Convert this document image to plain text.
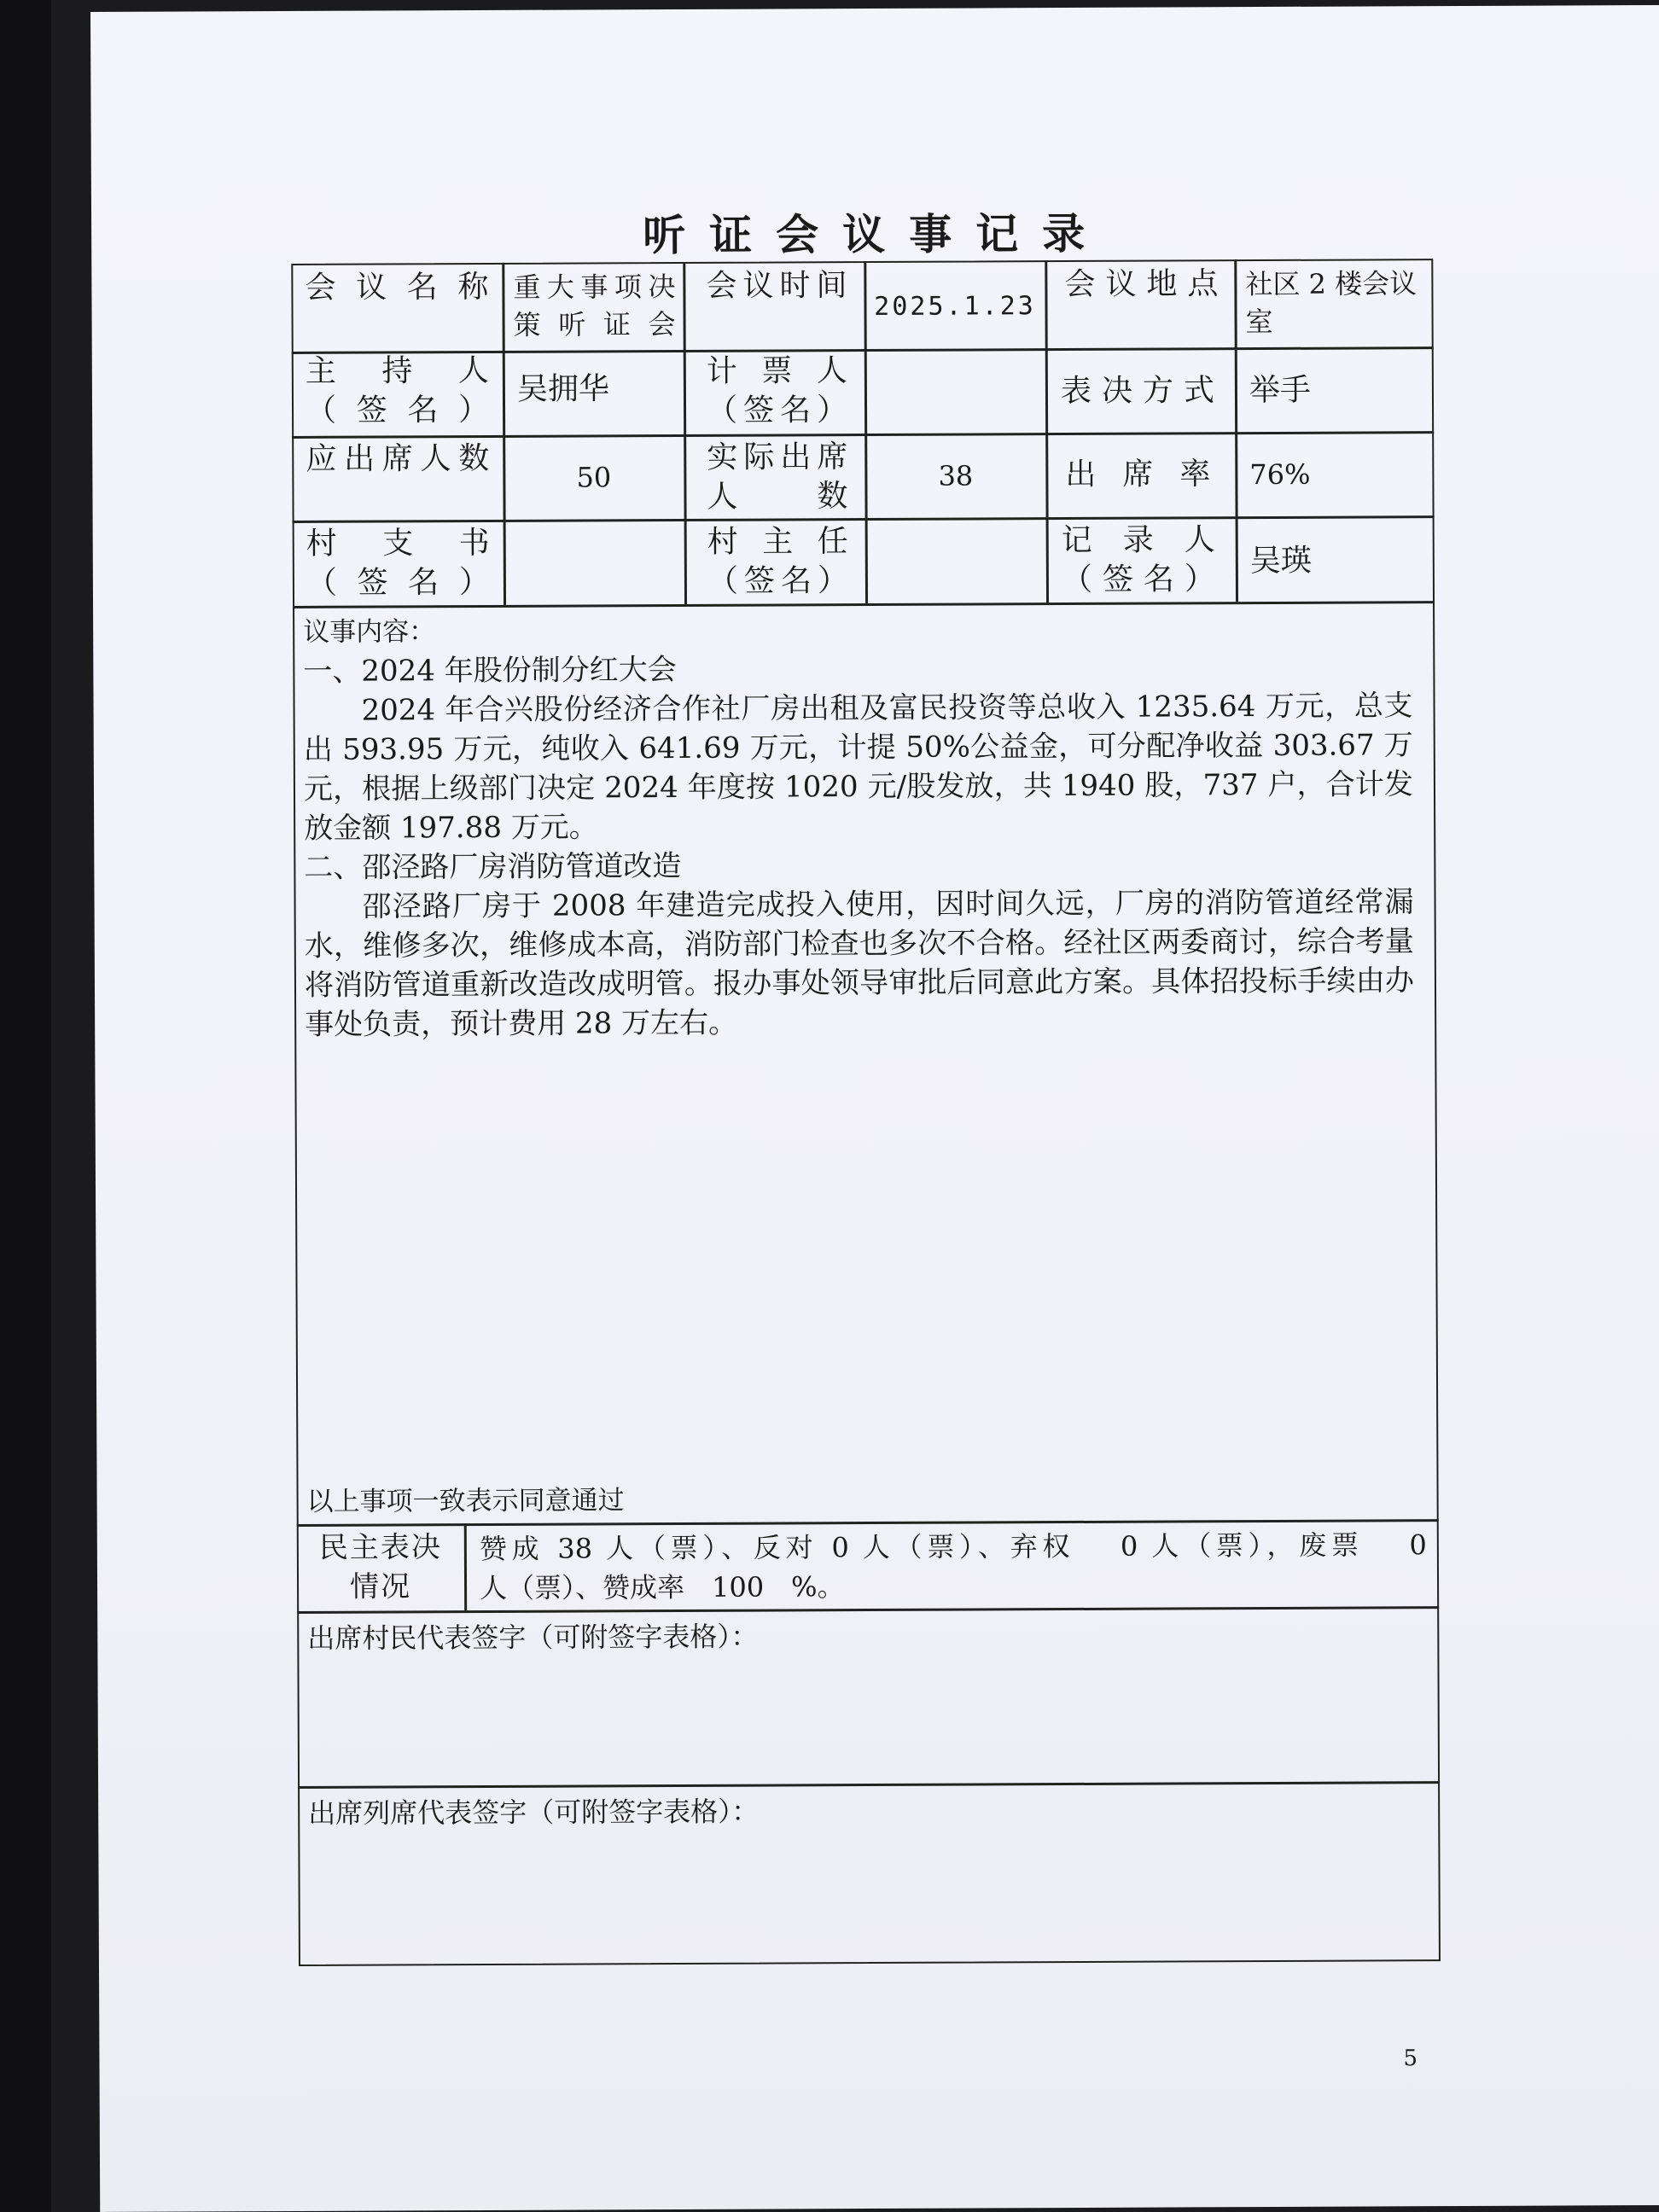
听证会议事记录
会议名称 重大事项决策听证会
会议时间
2025.1.23
会议地点 社区 2 楼会议室
主持人
（签名）
吴拥华
计票人
（签名）
表决方式 举手
应出席人数
50
实际出席人数
38	出席率 76%
村支书
（签名）
村主任
（签名）
记录人
（签名）
吴瑛

议事内容：

一、2024 年股份制分红大会

2024 年合兴股份经济合作社厂房出租及富民投资等总收入 1235.64 万元，总支出 593.95 万元，纯收入 641.69 万元，计提 50%公益金，可分配净收益 303.67 万元，根据上级部门决定 2024 年度按 1020 元/股发放，共 1940 股，737 户，合计发放金额 197.88 万元。

二、邵泾路厂房消防管道改造

邵泾路厂房于 2008 年建造完成投入使用，因时间久远，厂房的消防管道经常漏水，维修多次，维修成本高，消防部门检查也多次不合格。经社区两委商讨，综合考量将消防管道重新改造改成明管。报办事处领导审批后同意此方案。具体招投标手续由办事处负责，预计费用 28 万左右。

以上事项一致表示同意通过
民主表决情况
赞成 38 人（票）、反对 0 人（票）、弃权　 0 人（票），废票　 0
人（票）、赞成率　100　%。
出席村民代表签字（可附签字表格）：
出席列席代表签字（可附签字表格）：
5
